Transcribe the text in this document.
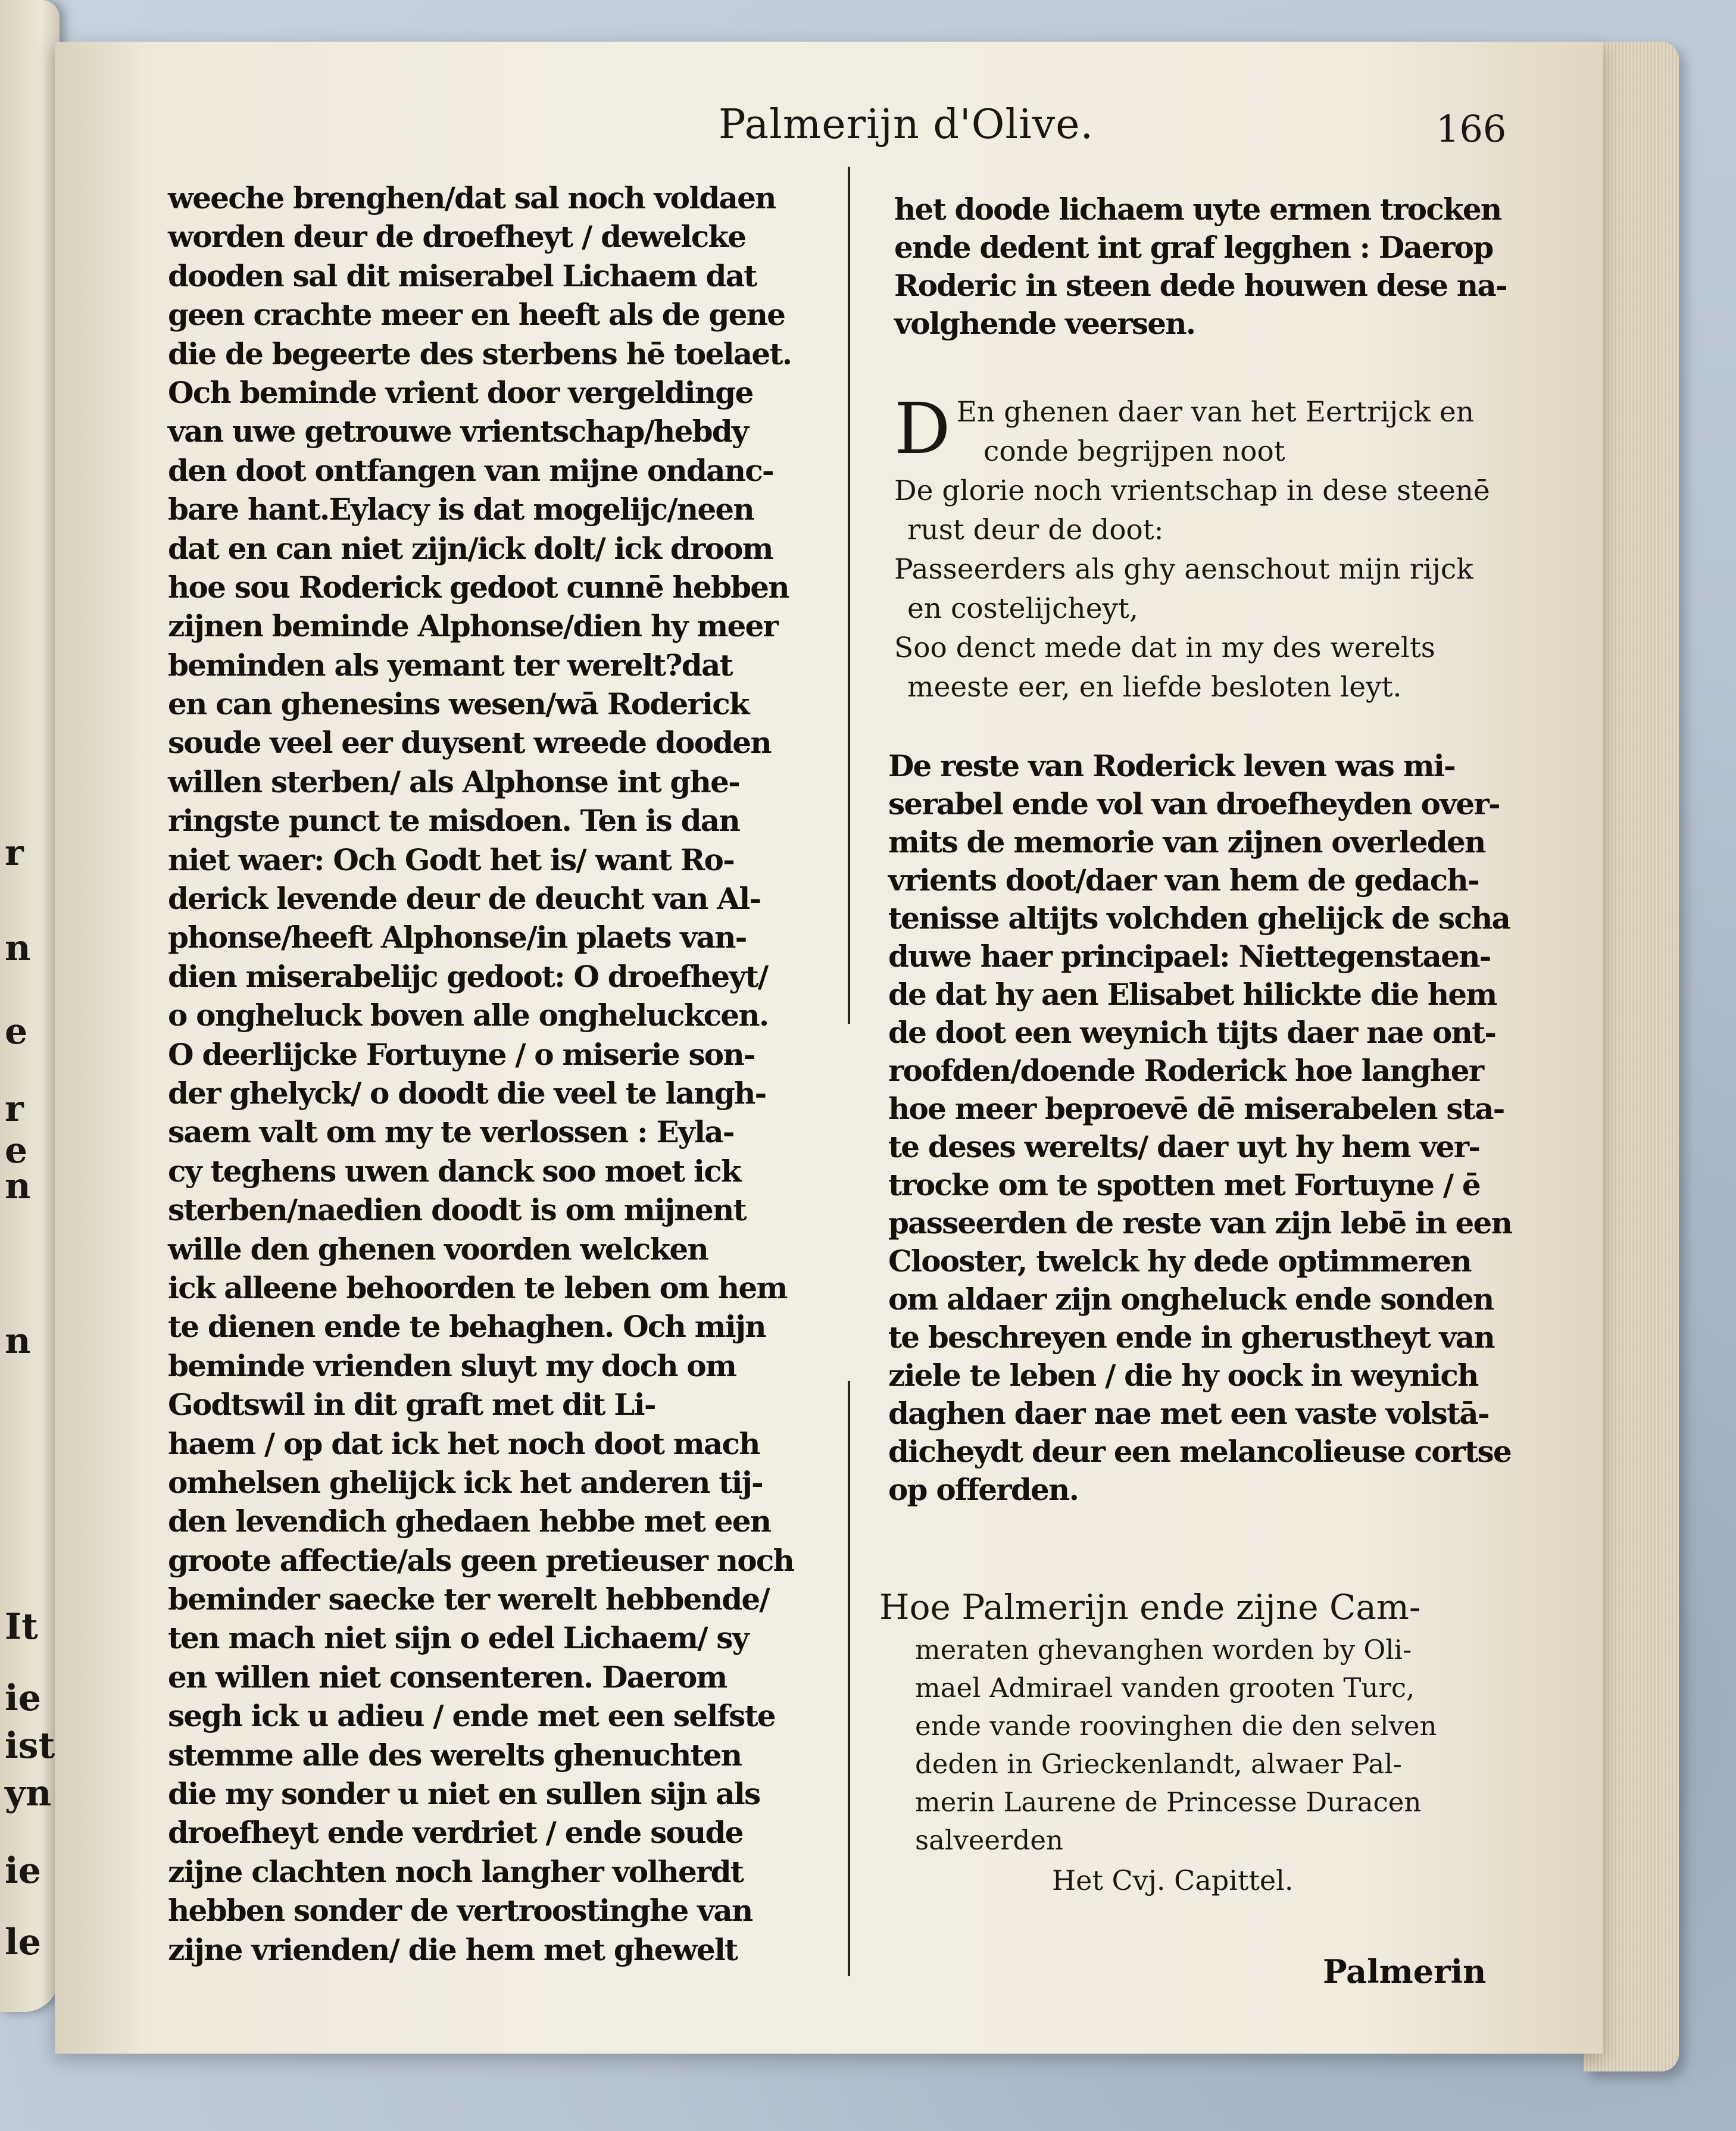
r
n
e
r
e
n
n
It
ie
ist
yn
ie
le
Palmerijn d'Olive.	166
weeche brenghen/dat sal noch voldaen
worden deur de droefheyt / dewelcke
dooden sal dit miserabel Lichaem dat
geen crachte meer en heeft als de gene
die de begeerte des sterbens hē toelaet.
Och beminde vrient door vergeldinge
van uwe getrouwe vrientschap/hebdy
den doot ontfangen van mijne ondanc-
bare hant.Eylacy is dat mogelijc/neen
dat en can niet zijn/ick dolt/ ick droom
hoe sou Roderick gedoot cunnē hebben
zijnen beminde Alphonse/dien hy meer
beminden als yemant ter werelt?dat
en can ghenesins wesen/wā Roderick
soude veel eer duysent wreede dooden
willen sterben/ als Alphonse int ghe-
ringste punct te misdoen. Ten is dan
niet waer: Och Godt het is/ want Ro-
derick levende deur de deucht van Al-
phonse/heeft Alphonse/in plaets van-
dien miserabelijc gedoot: O droefheyt/
o ongheluck boven alle ongheluckcen.
O deerlijcke Fortuyne / o miserie son-
der ghelyck/ o doodt die veel te langh-
saem valt om my te verlossen : Eyla-
cy teghens uwen danck soo moet ick
sterben/naedien doodt is om mijnent
wille den ghenen voorden welcken
ick alleene behoorden te leben om hem
te dienen ende te behaghen. Och mijn
beminde vrienden sluyt my doch om
Godtswil in dit graft met dit Li-
haem / op dat ick het noch doot mach
omhelsen ghelijck ick het anderen tij-
den levendich ghedaen hebbe met een
groote affectie/als geen pretieuser noch
beminder saecke ter werelt hebbende/
ten mach niet sijn o edel Lichaem/ sy
en willen niet consenteren. Daerom
segh ick u adieu / ende met een selfste
stemme alle des werelts ghenuchten
die my sonder u niet en sullen sijn als
droefheyt ende verdriet / ende soude
zijne clachten noch langher volherdt
hebben sonder de vertroostinghe van
zijne vrienden/ die hem met ghewelt
het doode lichaem uyte ermen trocken
ende dedent int graf legghen : Daerop
Roderic in steen dede houwen dese na-
volghende veersen.
D En ghenen daer van het Eertrijck en
conde begrijpen noot
De glorie noch vrientschap in dese steenē
rust deur de doot:
Passeerders als ghy aenschout mijn rijck
en costelijcheyt,
Soo denct mede dat in my des werelts
meeste eer, en liefde besloten leyt.
De reste van Roderick leven was mi-
serabel ende vol van droefheyden over-
mits de memorie van zijnen overleden
vrients doot/daer van hem de gedach-
tenisse altijts volchden ghelijck de scha
duwe haer principael: Niettegenstaen-
de dat hy aen Elisabet hilickte die hem
de doot een weynich tijts daer nae ont-
roofden/doende Roderick hoe langher
hoe meer beproevē dē miserabelen sta-
te deses werelts/ daer uyt hy hem ver-
trocke om te spotten met Fortuyne / ē
passeerden de reste van zijn lebē in een
Clooster, twelck hy dede optimmeren
om aldaer zijn ongheluck ende sonden
te beschreyen ende in gherustheyt van
ziele te leben / die hy oock in weynich
daghen daer nae met een vaste volstā-
dicheydt deur een melancolieuse cortse
op offerden.
Hoe Palmerijn ende zijne Cam-
meraten ghevanghen worden by Oli-
mael Admirael vanden grooten Turc,
ende vande roovinghen die den selven
deden in Grieckenlandt, alwaer Pal-
merin Laurene de Princesse Duracen
salveerden
Het Cvj. Capittel.
Palmerin
